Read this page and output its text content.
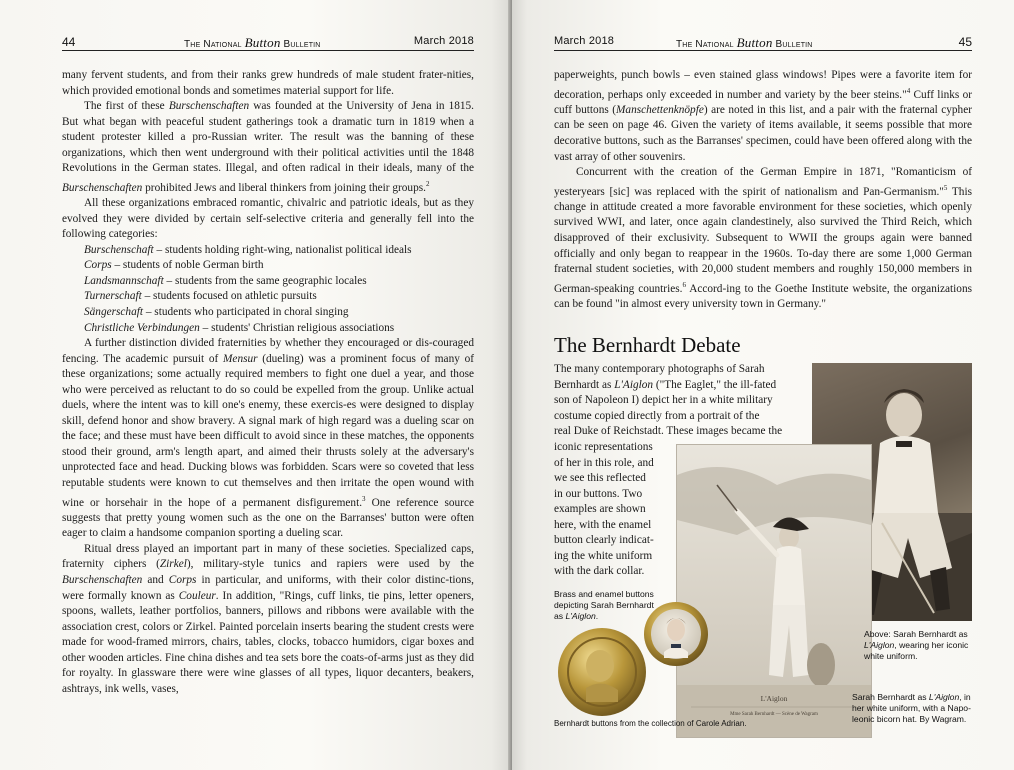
44	The National Button Bulletin	March 2018

many fervent students, and from their ranks grew hundreds of male student frater-nities, which provided emotional bonds and sometimes material support for life.

The first of these Burschenschaften was founded at the University of Jena in 1815. But what began with peaceful student gatherings took a dramatic turn in 1819 when a student protester killed a pro-Russian writer. The result was the banning of these organizations, which then went underground with their political activities until the 1848 Revolutions in the German states. Illegal, and often radical in their ideals, many of the Burschenschaften prohibited Jews and liberal thinkers from joining their groups.$^2$

All these organizations embraced romantic, chivalric and patriotic ideals, but as they evolved they were divided by certain self-selective criteria and generally fell into the following categories:

Burschenschaft – students holding right-wing, nationalist political ideals

Corps – students of noble German birth

Landsmannschaft – students from the same geographic locales

Turnerschaft – students focused on athletic pursuits

Sängerschaft – students who participated in choral singing

Christliche Verbindungen – students' Christian religious associations

A further distinction divided fraternities by whether they encouraged or dis-couraged fencing. The academic pursuit of Mensur (dueling) was a prominent focus of many of these organizations; some actually required members to fight one duel a year, and those who were perceived as reluctant to do so could be expelled from the group. Unlike actual duels, where the intent was to kill one's enemy, these exercis-es were designed to display skill, defend honor and show bravery. A signal mark of high regard was a dueling scar on the face; and these must have been difficult to avoid since in these matches, the opponents stood their ground, arm's length apart, and aimed their thrusts solely at the adversary's unprotected face and head. Ducking blows was forbidden. Scars were so coveted that less reputable students were known to cut themselves and then irritate the open wound with wine or horsehair in the hope of a permanent disfigurement.$^3$ One reference source suggests that pretty young women such as the one on the Barranses' button were often eager to claim a handsome companion sporting a dueling scar.

Ritual dress played an important part in many of these societies. Specialized caps, fraternity ciphers (Zirkel), military-style tunics and rapiers were used by the Burschenschaften and Corps in particular, and uniforms, with their color distinc-tions, were formally known as Couleur. In addition, "Rings, cuff links, tie pins, letter openers, spoons, wallets, leather portfolios, banners, pillows and ribbons were available with the association crest, colors or Zirkel. Painted porcelain inserts bearing the student crests were made for wood-framed mirrors, chairs, tables, clocks, tobacco humidors, cigar boxes and other wooden articles. Fine china dishes and tea sets bore the coats-of-arms just as they did for royalty. In glassware there were wine glasses of all types, liquor decanters, beakers, ashtrays, ink wells, vases,

March 2018	The National Button Bulletin	45

paperweights, punch bowls – even stained glass windows! Pipes were a favorite item for decoration, perhaps only exceeded in number and variety by the beer steins."$^4$ Cuff links or cuff buttons (Manschettenknöpfe) are noted in this list, and a pair with the fraternal cypher can be seen on page 46. Given the variety of items available, it seems possible that more decorative buttons, such as the Barranses' specimen, could have been offered along with the vast array of other souvenirs.

Concurrent with the creation of the German Empire in 1871, "Romanticism of yesteryears [sic] was replaced with the spirit of nationalism and Pan-Germanism."$^5$ This change in attitude created a more favorable environment for these societies, which openly survived WWI, and later, once again clandestinely, also survived the Third Reich, which disapproved of their exclusivity. Subsequent to WWII the groups again were banned officially and only began to reappear in the 1960s. To-day there are some 1,000 German fraternal student societies, with 20,000 student members and roughly 150,000 members in German-speaking countries.$^6$ Accord-ing to the Goethe Institute website, the organizations can be found "in almost every university town in Germany."

The Bernhardt Debate
The many contemporary photographs of Sarah
Bernhardt as L'Aiglon ("The Eaglet," the ill-fated
son of Napoleon I) depict her in a white military
costume copied directly from a portrait of the
real Duke of Reichstadt. These images became the
iconic representations
of her in this role, and
we see this reflected
in our buttons. Two
examples are shown
here, with the enamel
button clearly indicat-
ing the white uniform
with the dark collar.
L'Aiglon
Mme Sarah Bernhardt — Scène de Wagram
Brass and enamel buttons depicting Sarah Bernhardt as L'Aiglon.
Above: Sarah Bernhardt as L'Aiglon, wearing her iconic white uniform.
Sarah Bernhardt as L'Aiglon, in her white uniform, with a Napo-leonic bicorn hat. By Wagram.
Bernhardt buttons from the collection of Carole Adrian.
